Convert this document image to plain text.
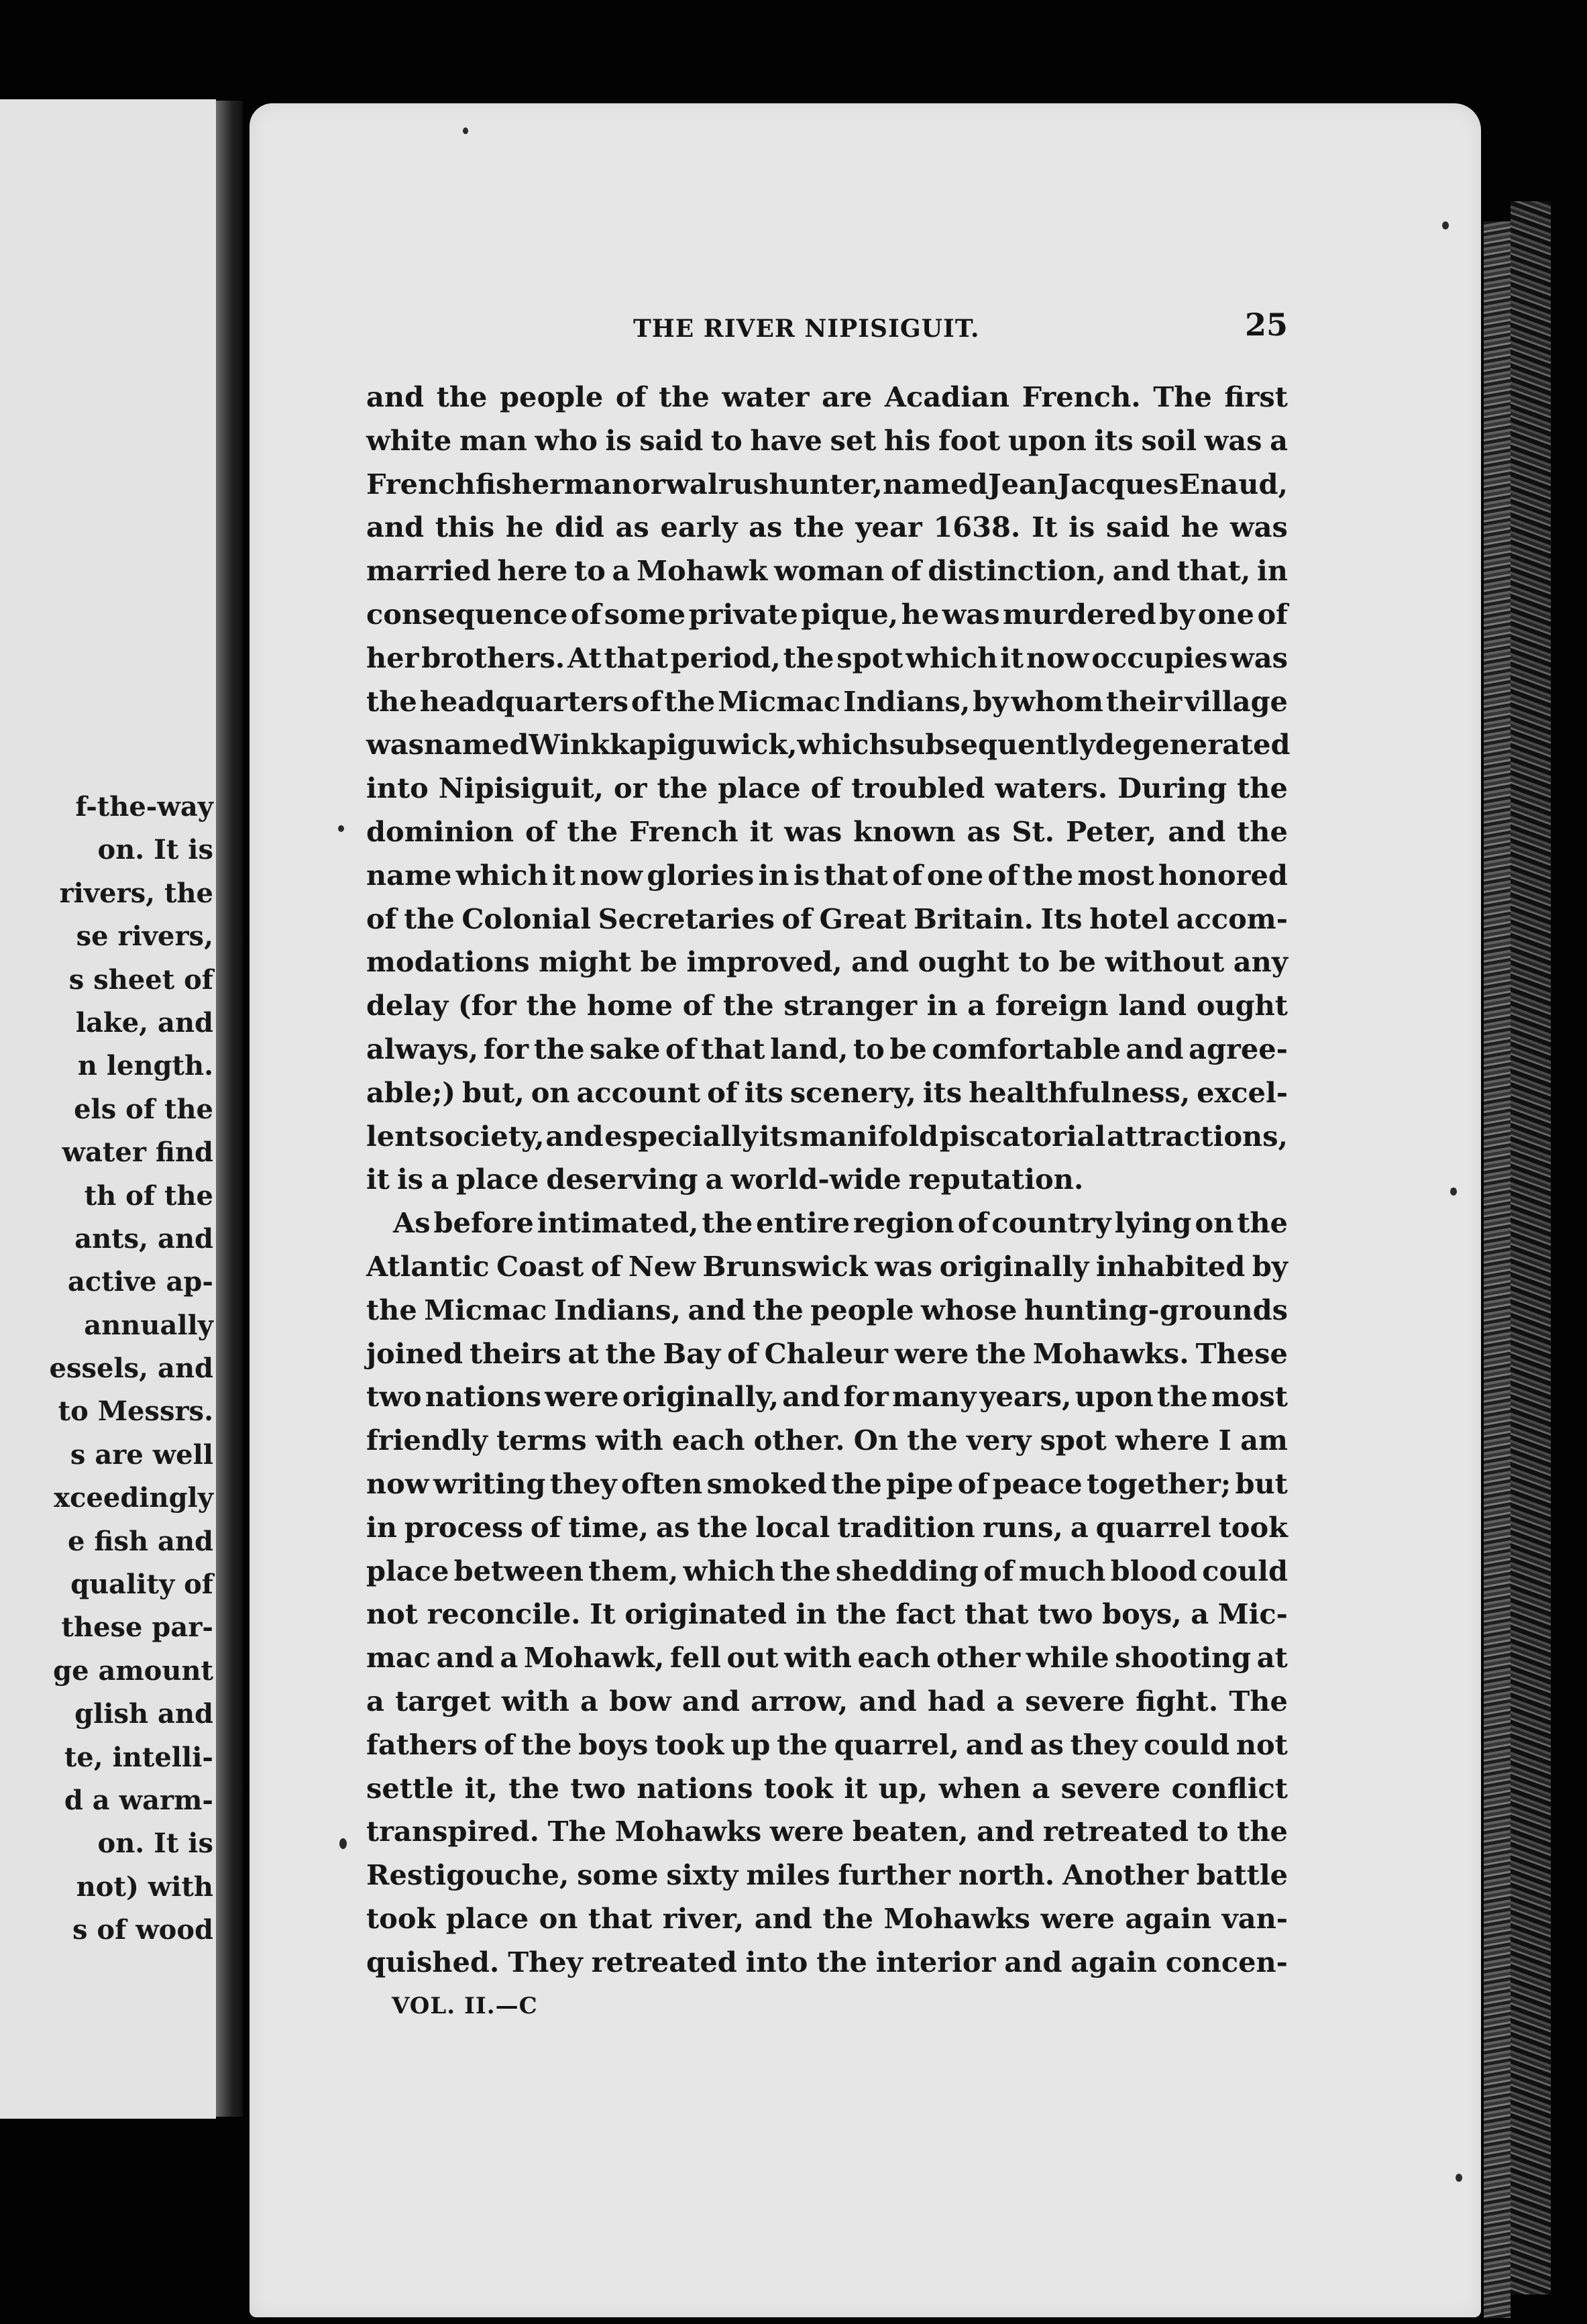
f-the-way
on. It is
rivers, the
se rivers,
s sheet of
lake, and
n length.
els of the
water find
th of the
ants, and
active ap-
annually
essels, and
to Messrs.
s are well
xceedingly
e fish and
quality of
these par-
ge amount
glish and
te, intelli-
d a warm-
on. It is
not) with
s of wood
THE RIVER NIPISIGUIT.	25
and the people of the water are Acadian French. The first
white man who is said to have set his foot upon its soil was a
French fisherman or walrus hunter, named Jean Jacques Enaud,
and this he did as early as the year 1638. It is said he was
married here to a Mohawk woman of distinction, and that, in
consequence of some private pique, he was murdered by one of
her brothers. At that period, the spot which it now occupies was
the headquarters of the Micmac Indians, by whom their village
was named Winkkapiguwick, which subsequently degenerated
into Nipisiguit, or the place of troubled waters. During the
dominion of the French it was known as St. Peter, and the
name which it now glories in is that of one of the most honored
of the Colonial Secretaries of Great Britain. Its hotel accom-
modations might be improved, and ought to be without any
delay (for the home of the stranger in a foreign land ought
always, for the sake of that land, to be comfortable and agree-
able;) but, on account of its scenery, its healthfulness, excel-
lent society, and especially its manifold piscatorial attractions,
it is a place deserving a world-wide reputation.
As before intimated, the entire region of country lying on the
Atlantic Coast of New Brunswick was originally inhabited by
the Micmac Indians, and the people whose hunting-grounds
joined theirs at the Bay of Chaleur were the Mohawks. These
two nations were originally, and for many years, upon the most
friendly terms with each other. On the very spot where I am
now writing they often smoked the pipe of peace together; but
in process of time, as the local tradition runs, a quarrel took
place between them, which the shedding of much blood could
not reconcile. It originated in the fact that two boys, a Mic-
mac and a Mohawk, fell out with each other while shooting at
a target with a bow and arrow, and had a severe fight. The
fathers of the boys took up the quarrel, and as they could not
settle it, the two nations took it up, when a severe conflict
transpired. The Mohawks were beaten, and retreated to the
Restigouche, some sixty miles further north. Another battle
took place on that river, and the Mohawks were again van-
quished. They retreated into the interior and again concen-
VOL. II.—C
